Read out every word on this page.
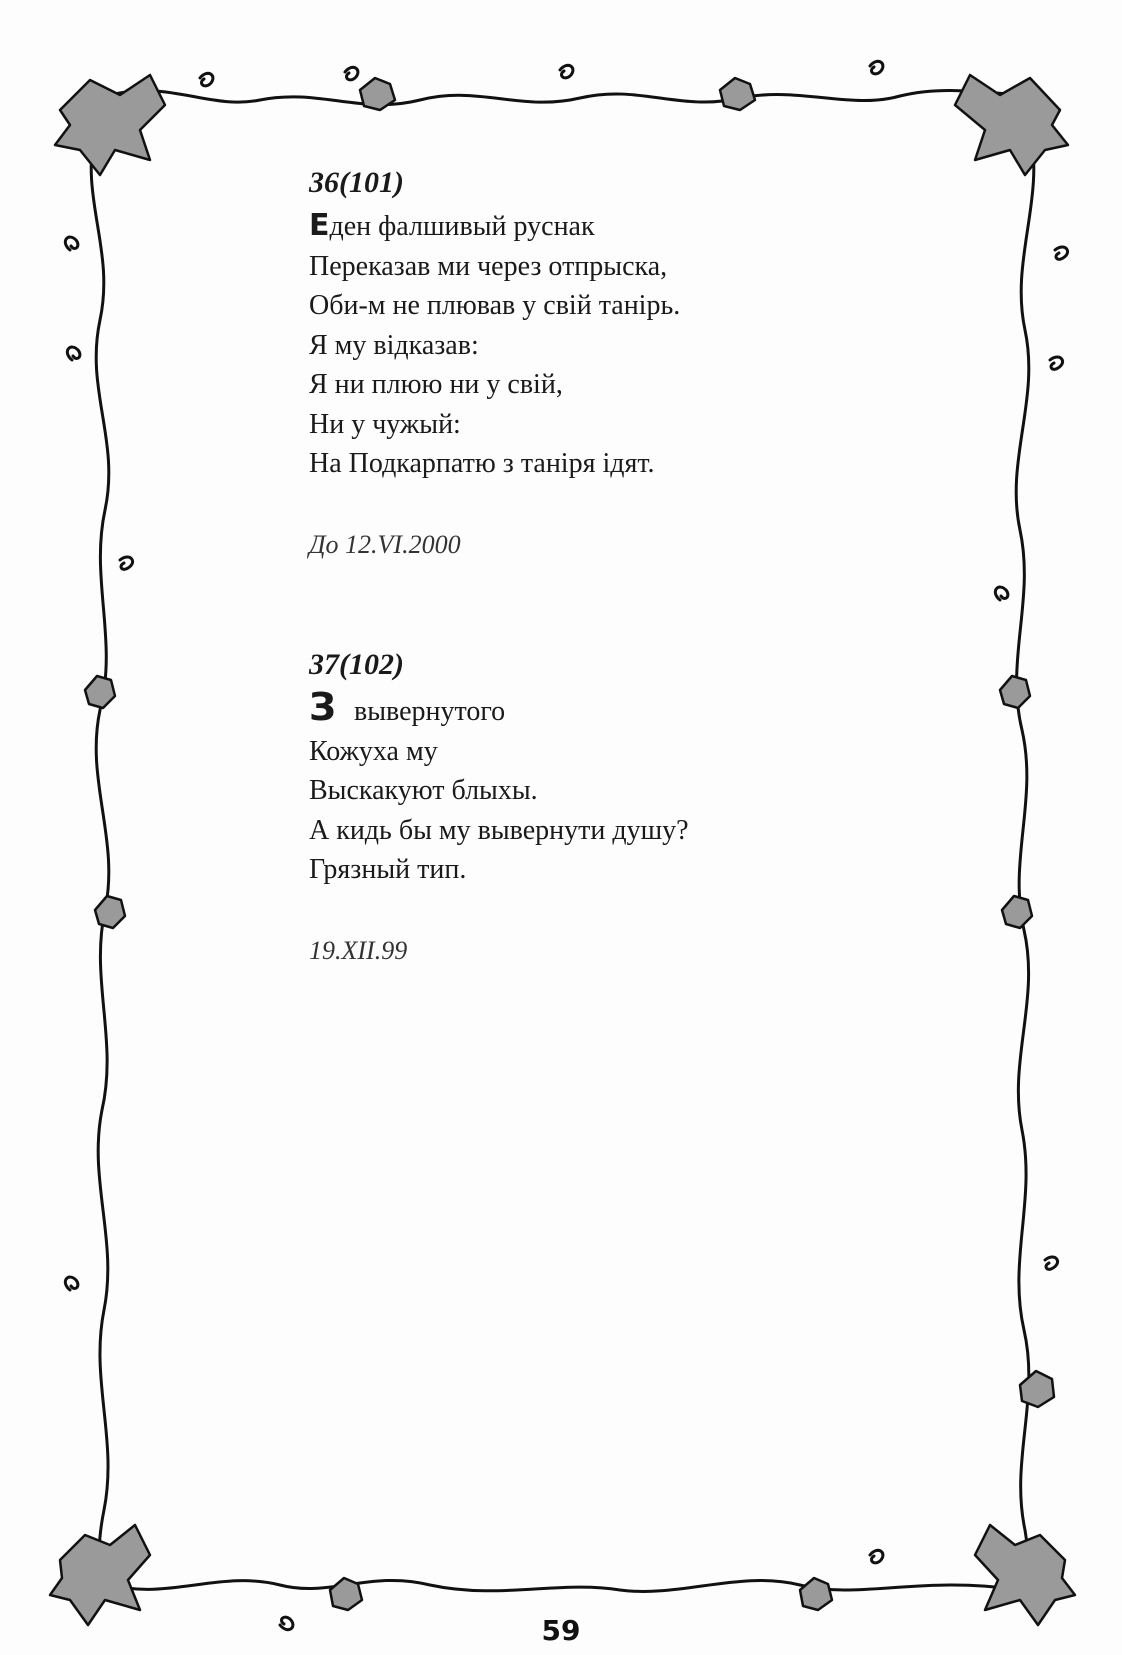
36(101)

Еден фалшивый руснак
Переказав ми через отпрыска,
Оби-м не плював у свій танірь.
Я му відказав:
Я ни плюю ни у свій,
Ни у чужый:
На Подкарпатю з таніря ідят.
До 12.VI.2000

37(102)

З вывернутого
Кожуха му
Выскакуют блыхы.
А кидь бы му вывернути душу?
Грязный тип.
19.XII.99
59
